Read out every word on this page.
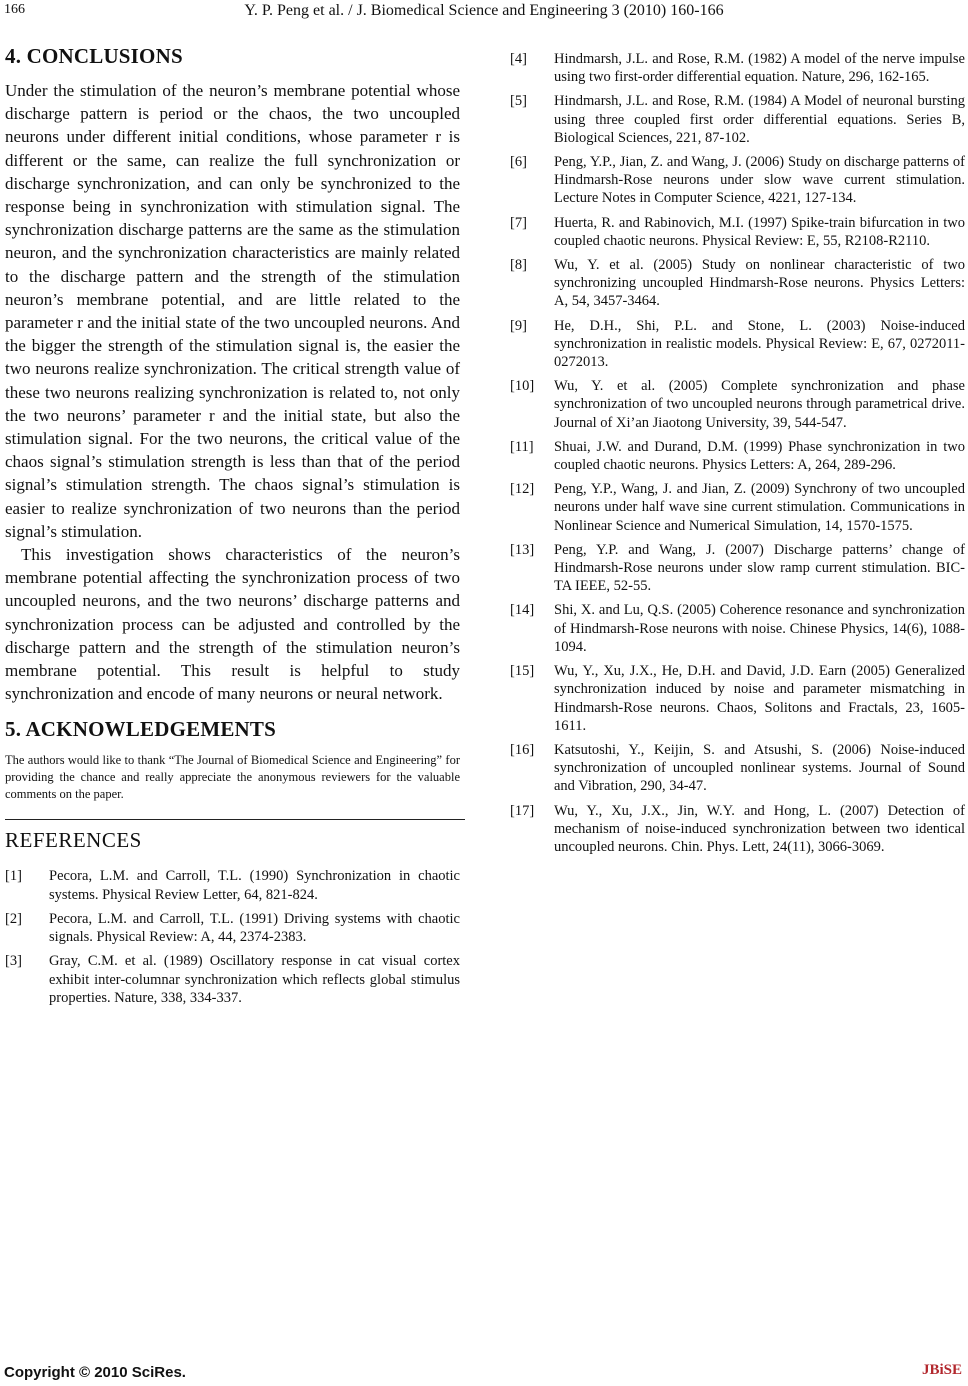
166	Y. P. Peng et al. / J. Biomedical Science and Engineering 3 (2010) 160-166
4. CONCLUSIONS

Under the stimulation of the neuron’s membrane potential whose discharge pattern is period or the chaos, the two uncoupled neurons under different initial conditions, whose parameter r is different or the same, can realize the full synchronization or discharge synchronization, and can only be synchronized to the response being in synchronization with stimulation signal. The synchronization discharge patterns are the same as the stimulation neuron, and the synchronization characteristics are mainly related to the discharge pattern and the strength of the stimulation neuron’s membrane potential, and are little related to the parameter r and the initial state of the two uncoupled neurons. And the bigger the strength of the stimulation signal is, the easier the two neurons realize synchronization. The critical strength value of these two neurons realizing synchronization is related to, not only the two neurons’ parameter r and the initial state, but also the stimulation signal. For the two neurons, the critical value of the chaos signal’s stimulation strength is less than that of the period signal’s stimulation strength. The chaos signal’s stimulation is easier to realize synchronization of two neurons than the period signal’s stimulation.

This investigation shows characteristics of the neuron’s membrane potential affecting the synchronization process of two uncoupled neurons, and the two neurons’ discharge patterns and synchronization process can be adjusted and controlled by the discharge pattern and the strength of the stimulation neuron’s membrane potential. This result is helpful to study synchronization and encode of many neurons or neural network.

5. ACKNOWLEDGEMENTS

The authors would like to thank “The Journal of Biomedical Science and Engineering” for providing the chance and really appreciate the anonymous reviewers for the valuable comments on the paper.

REFERENCES
[1] Pecora, L.M. and Carroll, T.L. (1990) Synchronization in chaotic systems. Physical Review Letter, 64, 821-824.
[2] Pecora, L.M. and Carroll, T.L. (1991) Driving systems with chaotic signals. Physical Review: A, 44, 2374-2383.
[3] Gray, C.M. et al. (1989) Oscillatory response in cat visual cortex exhibit inter-columnar synchronization which reflects global stimulus properties. Nature, 338, 334-337.
[4] Hindmarsh, J.L. and Rose, R.M. (1982) A model of the nerve impulse using two first-order differential equation. Nature, 296, 162-165.
[5] Hindmarsh, J.L. and Rose, R.M. (1984) A Model of neuronal bursting using three coupled first order differential equations. Series B, Biological Sciences, 221, 87-102.
[6] Peng, Y.P., Jian, Z. and Wang, J. (2006) Study on discharge patterns of Hindmarsh-Rose neurons under slow wave current stimulation. Lecture Notes in Computer Science, 4221, 127-134.
[7] Huerta, R. and Rabinovich, M.I. (1997) Spike-train bifurcation in two coupled chaotic neurons. Physical Review: E, 55, R2108-R2110.
[8] Wu, Y. et al. (2005) Study on nonlinear characteristic of two synchronizing uncoupled Hindmarsh-Rose neurons. Physics Letters: A, 54, 3457-3464.
[9] He, D.H., Shi, P.L. and Stone, L. (2003) Noise-induced synchronization in realistic models. Physical Review: E, 67, 0272011-0272013.
[10] Wu, Y. et al. (2005) Complete synchronization and phase synchronization of two uncoupled neurons through parametrical drive. Journal of Xi’an Jiaotong University, 39, 544-547.
[11] Shuai, J.W. and Durand, D.M. (1999) Phase synchronization in two coupled chaotic neurons. Physics Letters: A, 264, 289-296.
[12] Peng, Y.P., Wang, J. and Jian, Z. (2009) Synchrony of two uncoupled neurons under half wave sine current stimulation. Communications in Nonlinear Science and Numerical Simulation, 14, 1570-1575.
[13] Peng, Y.P. and Wang, J. (2007) Discharge patterns’ change of Hindmarsh-Rose neurons under slow ramp current stimulation. BIC-TA IEEE, 52-55.
[14] Shi, X. and Lu, Q.S. (2005) Coherence resonance and synchronization of Hindmarsh-Rose neurons with noise. Chinese Physics, 14(6), 1088-1094.
[15] Wu, Y., Xu, J.X., He, D.H. and David, J.D. Earn (2005) Generalized synchronization induced by noise and parameter mismatching in Hindmarsh-Rose neurons. Chaos, Solitons and Fractals, 23, 1605-1611.
[16] Katsutoshi, Y., Keijin, S. and Atsushi, S. (2006) Noise-induced synchronization of uncoupled nonlinear systems. Journal of Sound and Vibration, 290, 34-47.
[17] Wu, Y., Xu, J.X., Jin, W.Y. and Hong, L. (2007) Detection of mechanism of noise-induced synchronization between two identical uncoupled neurons. Chin. Phys. Lett, 24(11), 3066-3069.
Copyright © 2010 SciRes.	JBiSE
